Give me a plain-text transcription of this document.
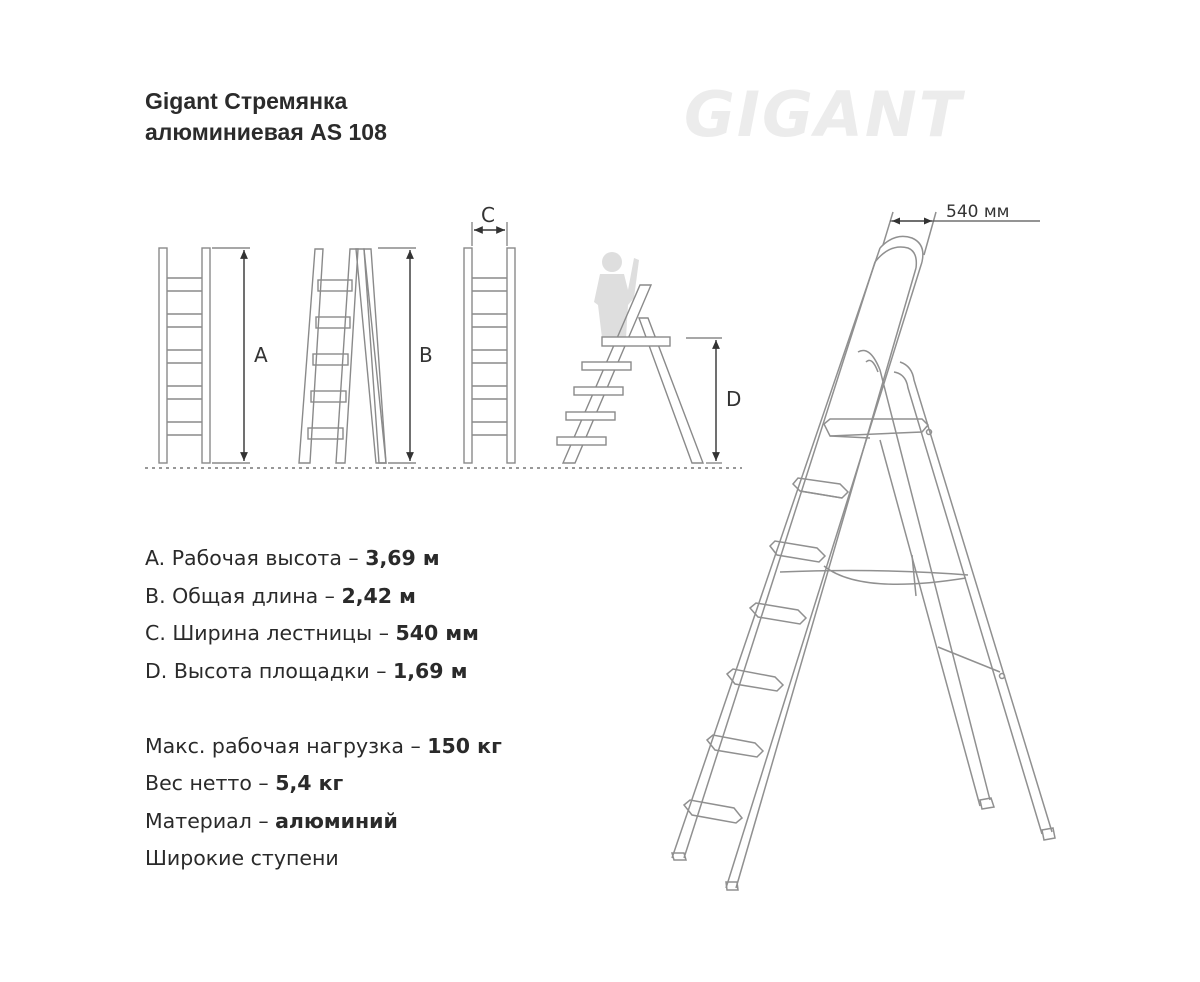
Gigant Стремянка
алюминиевая AS 108	GIGANT
A	B
C
D
540 мм
A. Рабочая высота – 3,69 м
B. Общая длина – 2,42 м
C. Ширина лестницы – 540 мм
D. Высота площадки – 1,69 м
Макс. рабочая нагрузка – 150 кг
Вес нетто – 5,4 кг
Материал – алюминий
Широкие ступени
